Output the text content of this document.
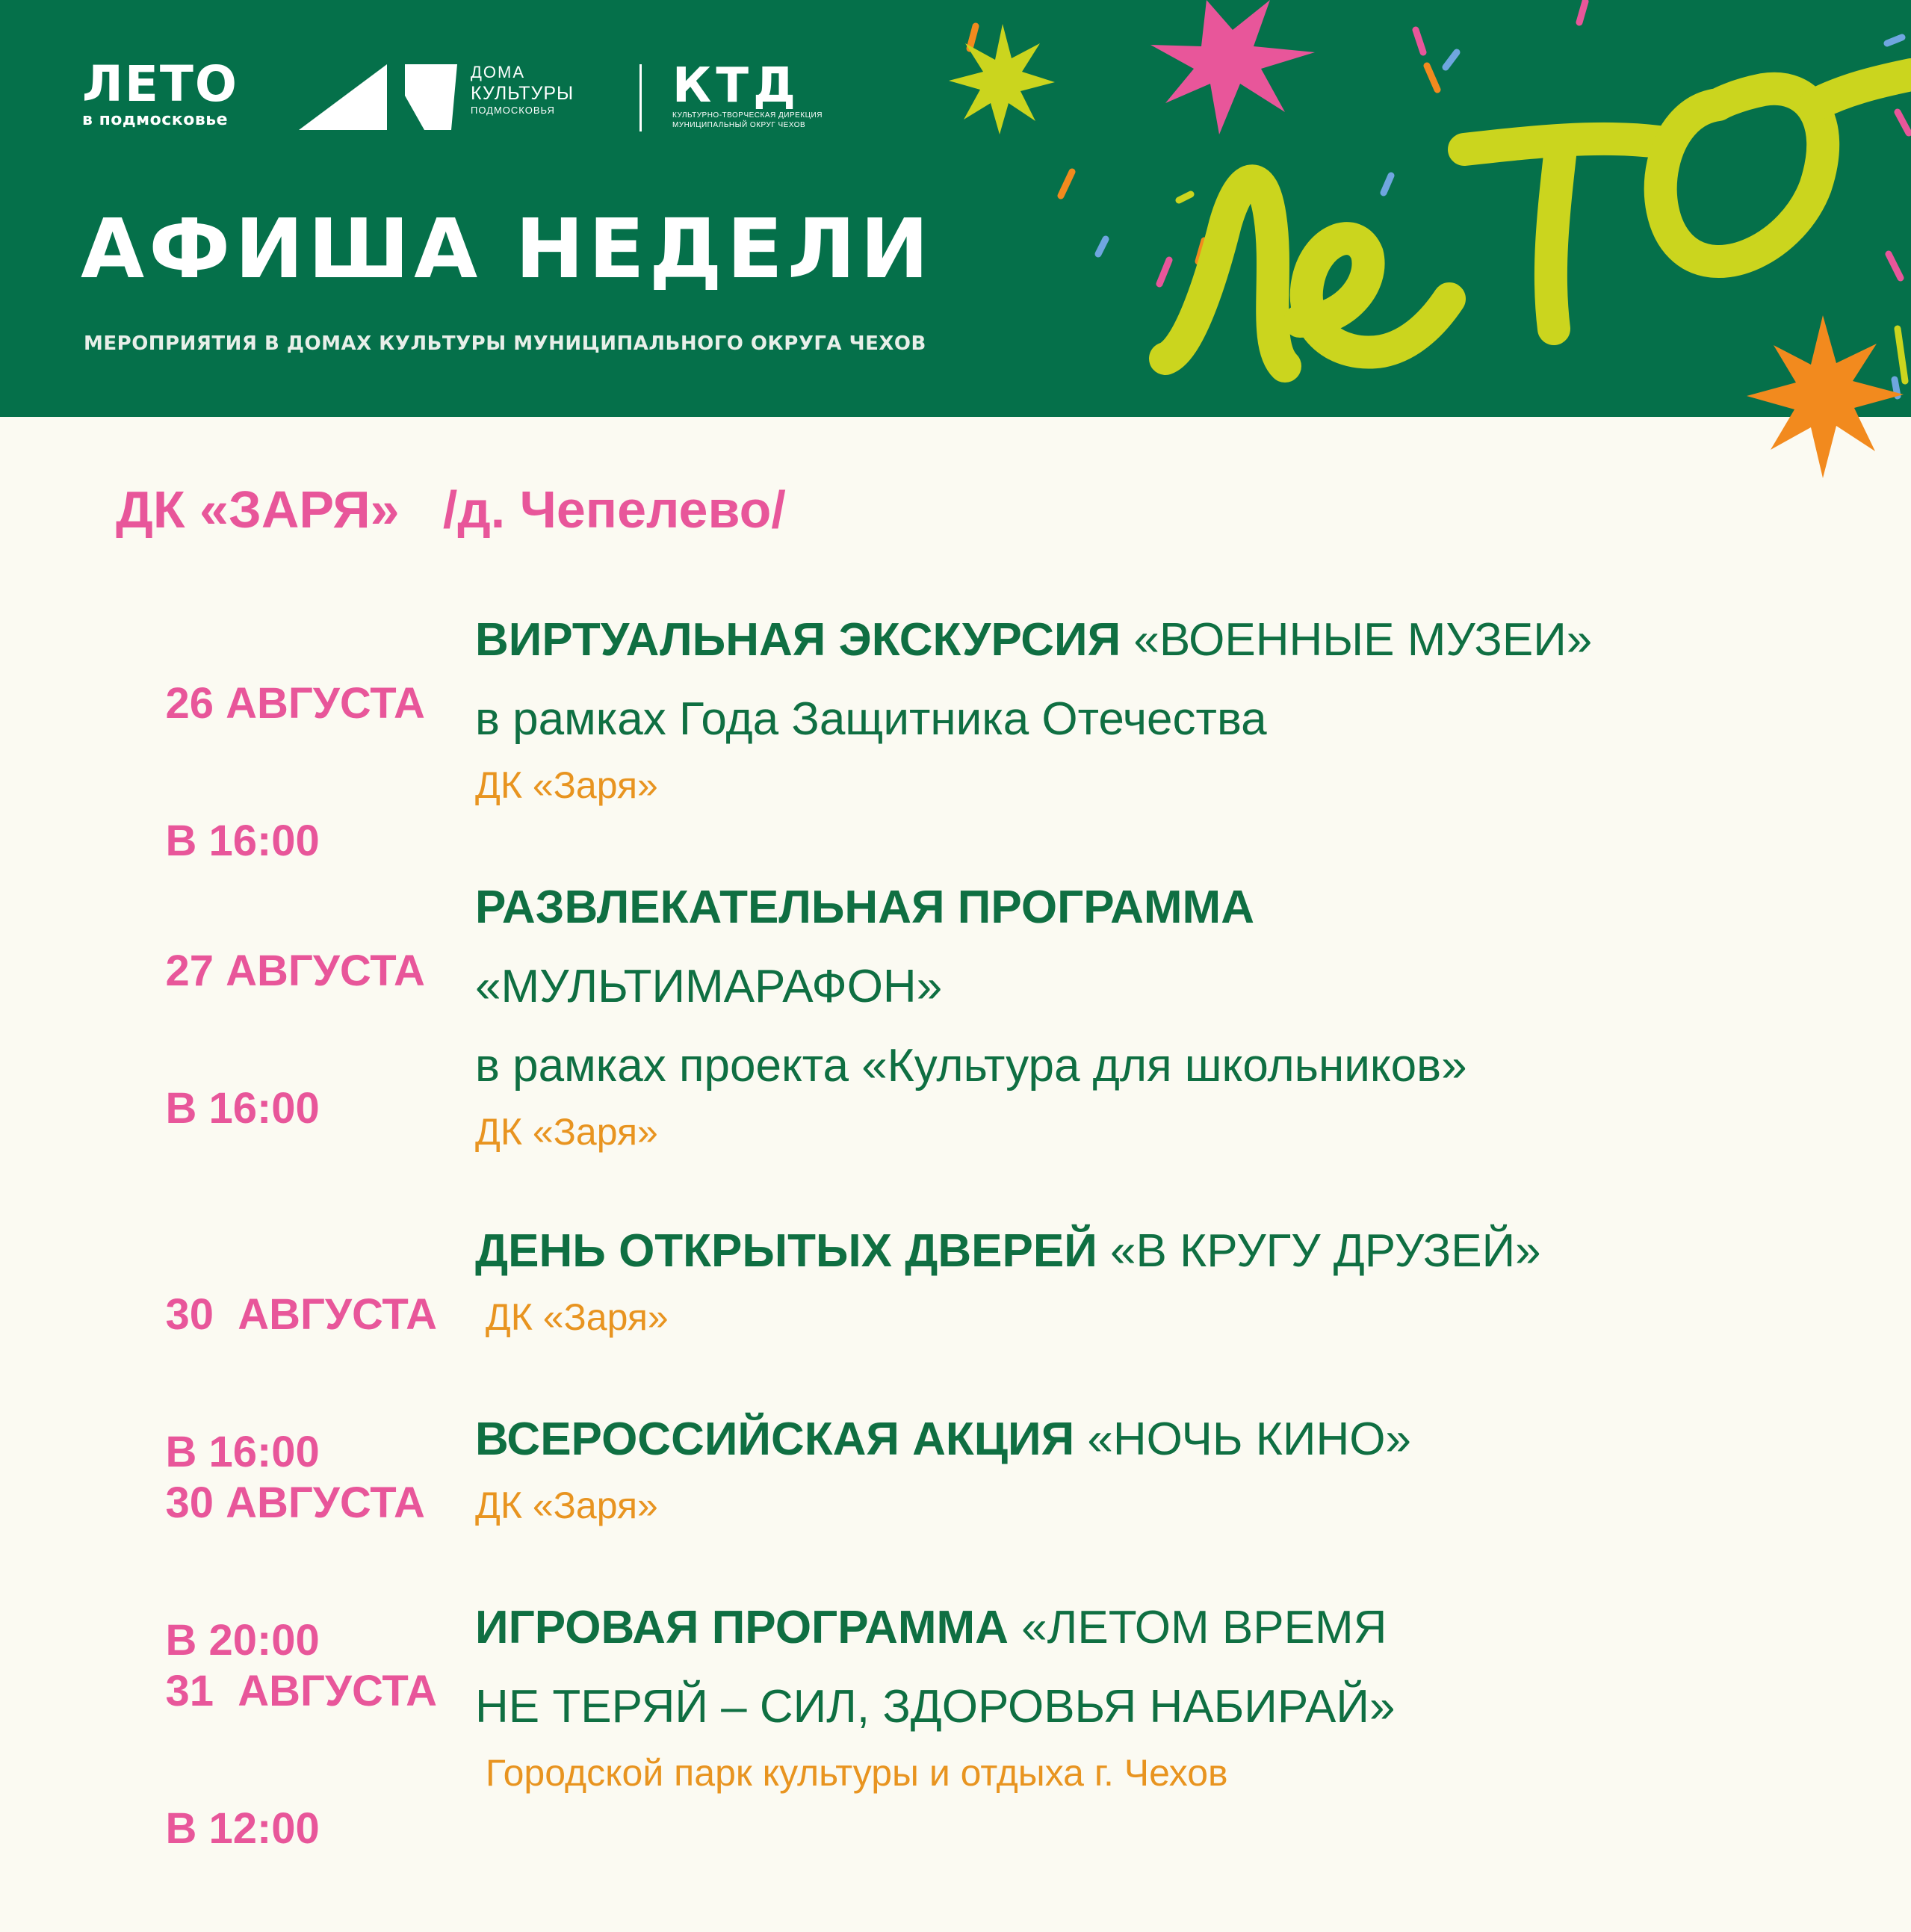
ЛЕТО
в подмосковье
ДОМА
КУЛЬТУРЫ
ПОДМОСКОВЬЯ	КТД
КУЛЬТУРНО-ТВОРЧЕСКАЯ ДИРЕКЦИЯ
МУНИЦИПАЛЬНЫЙ ОКРУГ ЧЕХОВ
АФИША НЕДЕЛИ
МЕРОПРИЯТИЯ В ДОМАХ КУЛЬТУРЫ МУНИЦИПАЛЬНОГО ОКРУГА ЧЕХОВ
ДК «ЗАРЯ»   /д. Чепелево/

26 АВГУСТА

В 16:00

ВИРТУАЛЬНАЯ ЭКСКУРСИЯ «ВОЕННЫЕ МУЗЕИ»
в рамках Года Защитника Отечества
ДК «Заря»

27 АВГУСТА

В 16:00

РАЗВЛЕКАТЕЛЬНАЯ ПРОГРАММА
«МУЛЬТИМАРАФОН»
в рамках проекта «Культура для школьников»
ДК «Заря»

30  АВГУСТА

В 16:00

ДЕНЬ ОТКРЫТЫХ ДВЕРЕЙ «В КРУГУ ДРУЗЕЙ»
ДК «Заря»

30 АВГУСТА

В 20:00

ВСЕРОССИЙСКАЯ АКЦИЯ «НОЧЬ КИНО»
ДК «Заря»

31  АВГУСТА

В 12:00

ИГРОВАЯ ПРОГРАММА «ЛЕТОМ ВРЕМЯ
НЕ ТЕРЯЙ – СИЛ, ЗДОРОВЬЯ НАБИРАЙ»
Городской парк культуры и отдыха г. Чехов
